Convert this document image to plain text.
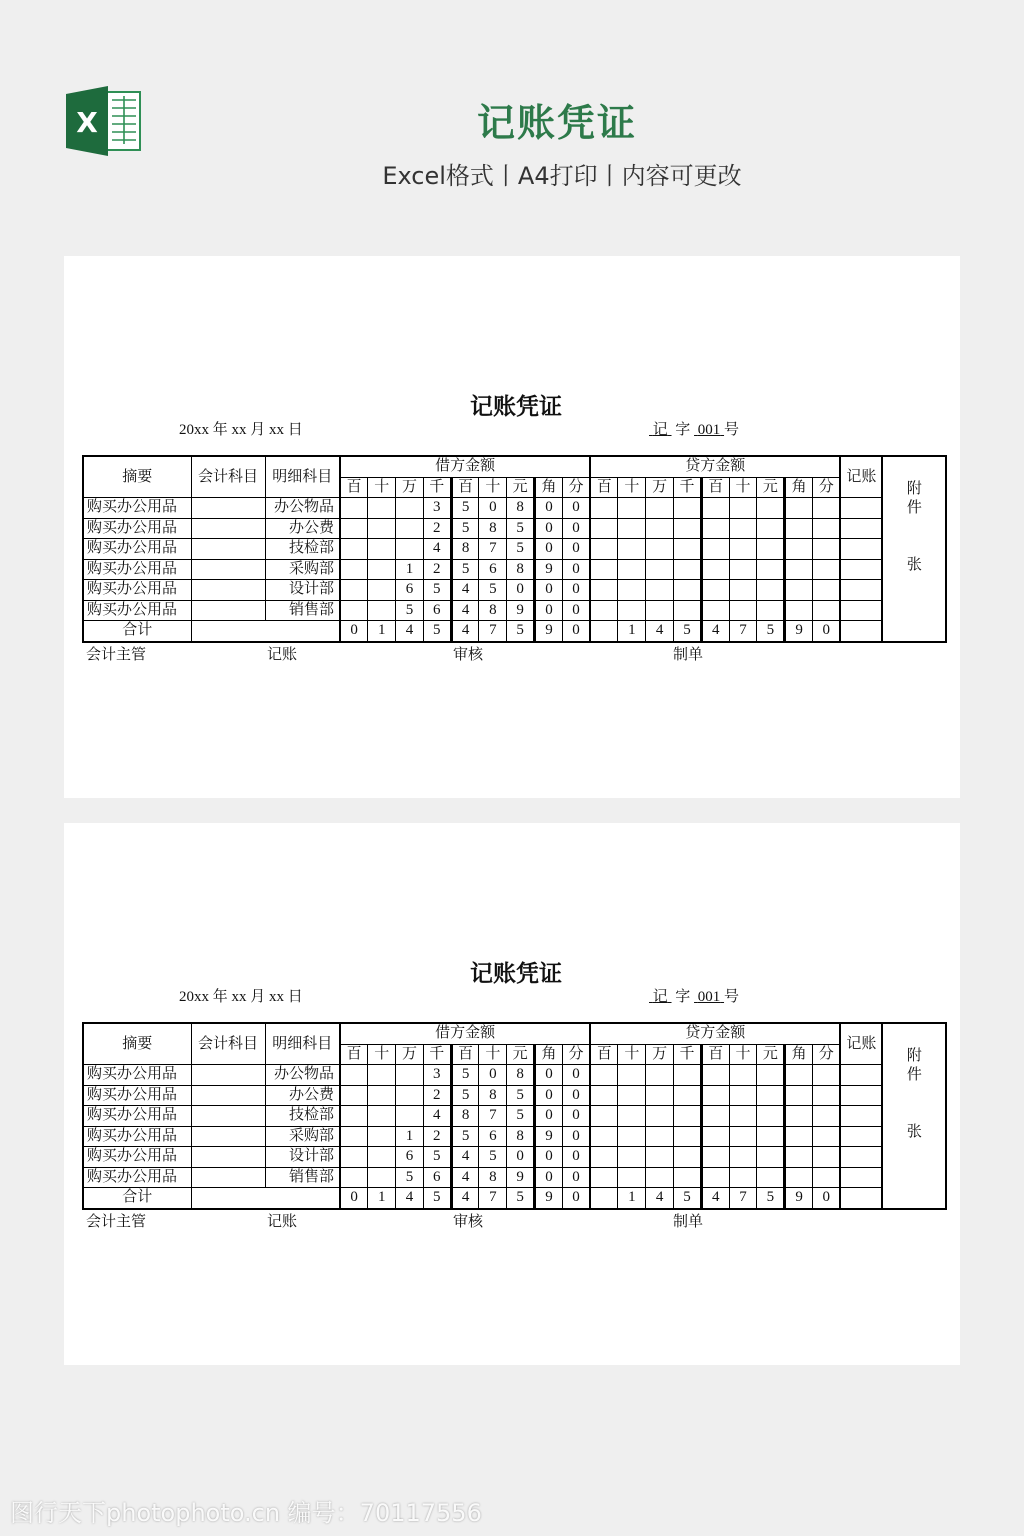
X	记账凭证
Excel格式丨A4打印丨内容可更改
记账凭证
20xx 年 xx 月 xx 日	记 字 001 号
摘要	会计科目	明细科目	借方金额									贷方金额									记账	附
件

张
			百	十	万	千	百	十	元	角	分	百	十	万	千	百	十	元	角	分		
购买办公用品		办公物品				3	5	0	8	0	0											
购买办公用品		办公费				2	5	8	5	0	0											
购买办公用品		技检部				4	8	7	5	0	0											
购买办公用品		采购部			1	2	5	6	8	9	0											
购买办公用品		设计部			6	5	4	5	0	0	0											
购买办公用品		销售部			5	6	4	8	9	0	0											
合计			0	1	4	5	4	7	5	9	0		1	4	5	4	7	5	9	0		
会计主管	记账	审核	制单
记账凭证
20xx 年 xx 月 xx 日	记 字 001 号
摘要	会计科目	明细科目	借方金额									贷方金额									记账	附
件

张
			百	十	万	千	百	十	元	角	分	百	十	万	千	百	十	元	角	分		
购买办公用品		办公物品				3	5	0	8	0	0											
购买办公用品		办公费				2	5	8	5	0	0											
购买办公用品		技检部				4	8	7	5	0	0											
购买办公用品		采购部			1	2	5	6	8	9	0											
购买办公用品		设计部			6	5	4	5	0	0	0											
购买办公用品		销售部			5	6	4	8	9	0	0											
合计			0	1	4	5	4	7	5	9	0		1	4	5	4	7	5	9	0		
会计主管	记账	审核	制单
图行天下photophoto.cn 编号：70117556
